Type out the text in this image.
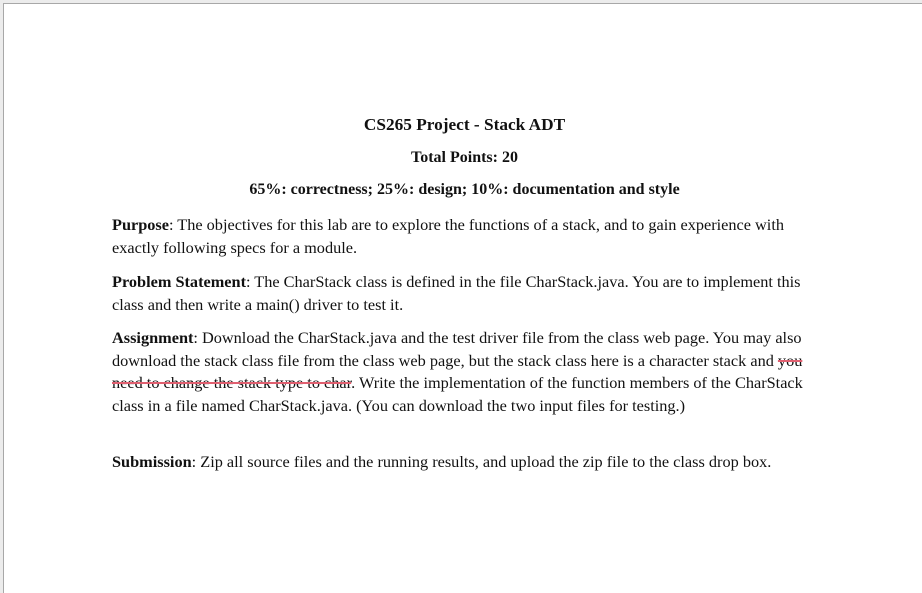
CS265 Project - Stack ADT
Total Points: 20
65%: correctness; 25%: design; 10%: documentation and style

Purpose: The objectives for this lab are to explore the functions of a stack, and to gain experience with exactly following specs for a module.

Problem Statement: The CharStack class is defined in the file CharStack.java. You are to implement this class and then write a main() driver to test it.

Assignment: Download the CharStack.java and the test driver file from the class web page. You may also download the stack class file from the class web page, but the stack class here is a character stack and you need to change the stack type to char. Write the implementation of the function members of the CharStack class in a file named CharStack.java. (You can download the two input files for testing.)

Submission: Zip all source files and the running results, and upload the zip file to the class drop box.
